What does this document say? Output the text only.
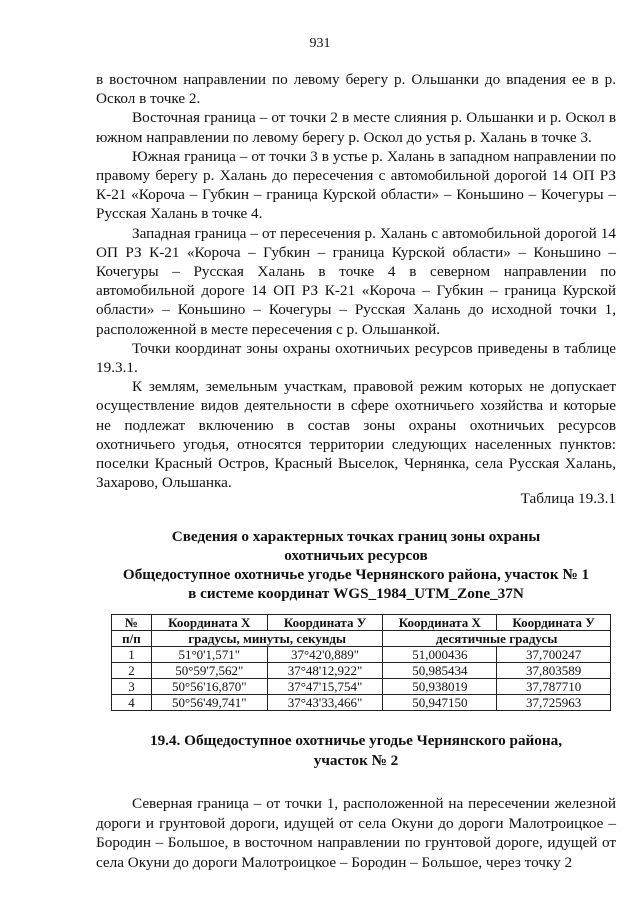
931

в восточном направлении по левому берегу р. Ольшанки до впадения ее в р. Оскол в точке 2.

Восточная граница – от точки 2 в месте слияния р. Ольшанки и р. Оскол в южном направлении по левому берегу р. Оскол до устья р. Халань в точке 3.

Южная граница – от точки 3 в устье р. Халань в западном направлении по правому берегу р. Халань до пересечения с автомобильной дорогой 14 ОП РЗ К-21 «Короча – Губкин – граница Курской области» – Коньшино – Кочегуры – Русская Халань в точке 4.

Западная граница – от пересечения р. Халань с автомобильной дорогой 14 ОП РЗ К-21 «Короча – Губкин – граница Курской области» – Коньшино – Кочегуры – Русская Халань в точке 4 в северном направлении по автомобильной дороге 14 ОП РЗ К-21 «Короча – Губкин – граница Курской области» – Коньшино – Кочегуры – Русская Халань до исходной точки 1, расположенной в месте пересечения с р. Ольшанкой.

Точки координат зоны охраны охотничьих ресурсов приведены в таблице 19.3.1.

К землям, земельным участкам, правовой режим которых не допускает осуществление видов деятельности в сфере охотничьего хозяйства и которые не подлежат включению в состав зоны охраны охотничьих ресурсов охотничьего угодья, относятся территории следующих населенных пунктов: поселки Красный Остров, Красный Выселок, Чернянка, села Русская Халань, Захарово, Ольшанка.

Таблица 19.3.1
Сведения о характерных точках границ зоны охраны
охотничьих ресурсов
Общедоступное охотничье угодье Чернянского района, участок № 1
в системе координат WGS_1984_UTM_Zone_37N
№	Координата X	Координата У	Координата X	Координата У
п/п	градусы, минуты, секунды		десятичные градусы	
1	51°0'1,571"	37°42'0,889"	51,000436	37,700247
2	50°59'7,562"	37°48'12,922"	50,985434	37,803589
3	50°56'16,870"	37°47'15,754"	50,938019	37,787710
4	50°56'49,741"	37°43'33,466"	50,947150	37,725963
19.4. Общедоступное охотничье угодье Чернянского района,
участок № 2

Северная граница – от точки 1, расположенной на пересечении железной дороги и грунтовой дороги, идущей от села Окуни до дороги Малотроицкое – Бородин – Большое, в восточном направлении по грунтовой дороге, идущей от села Окуни до дороги Малотроицкое – Бородин – Большое, через точку 2
